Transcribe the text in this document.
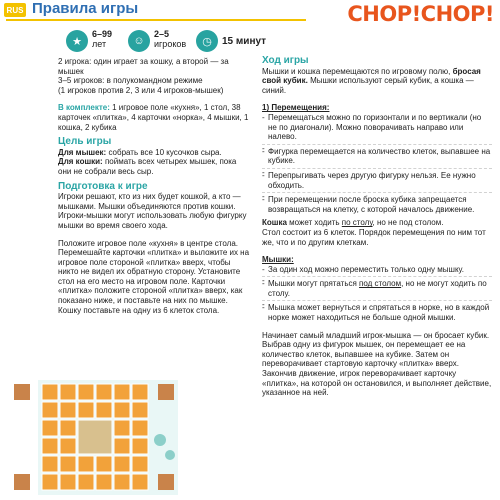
RUS Правила игры	CHOP!CHOP!
★
6–99
лет	☺
2–5
игроков	◷	15 минут
2 игрока: один играет за кошку, а второй — за мышек
3–5 игроков: в полукомандном режиме
(1 игроков против 2, 3 или 4 игроков-мышек)
В комплекте: 1 игровое поле «кухня», 1 стол, 38 карточек «плитка», 4 карточки «норка», 4 мышки, 1 кошка, 2 кубика
Цель игры
Для мышек: собрать все 10 кусочков сыра.
Для кошки: поймать всех четырех мышек, пока они не собрали весь сыр.
Подготовка к игре
Игроки решают, кто из них будет кошкой, а кто — мышками. Мышки объединяются против кошки. Игроки-мышки могут использовать любую фигурку мышки во время своего хода.
Положите игровое поле «кухня» в центре стола. Перемешайте карточки «плитка» и выложите их на игровое поле стороной «плитка» вверх, чтобы никто не видел их обратную сторону. Установите стол на его место на игровом поле. Карточки «плитка» положите стороной «плитка» вверх, как показано ниже, и поставьте на них по мышке. Кошку поставьте на одну из 6 клеток стола.
Ход игры
Мышки и кошка перемещаются по игровому полю, бросая свой кубик. Мышки используют серый кубик, а кошка — синий.
1) Перемещения:
- Перемещаться можно по горизонтали и по вертикали (но не по диагонали). Можно поворачивать направо или налево.
-
- Фигурка перемещается на количество клеток, выпавшее на кубике.
-
- Перепрыгивать через другую фигурку нельзя. Ее нужно обходить.
-
- При перемещении после броска кубика запрещается возвращаться на клетку, с которой началось движение.
Кошка может ходить по столу, но не под столом.
Стол состоит из 6 клеток. Порядок перемещения по ним тот же, что и по другим клеткам.
Мышки:
- За один ход можно переместить только одну мышку.
-
- Мышки могут прятаться под столом, но не могут ходить по столу.
-
- Мышка может вернуться и спрятаться в норке, но в каждой норке может находиться не больше одной мышки.
Начинает самый младший игрок-мышка — он бросает кубик. Выбрав одну из фигурок мышек, он перемещает ее на количество клеток, выпавшее на кубике. Затем он переворачивает стартовую карточку «плитка» вверх.
Закончив движение, игрок переворачивает карточку «плитка», на которой он остановился, и выполняет действие, указанное на ней.
